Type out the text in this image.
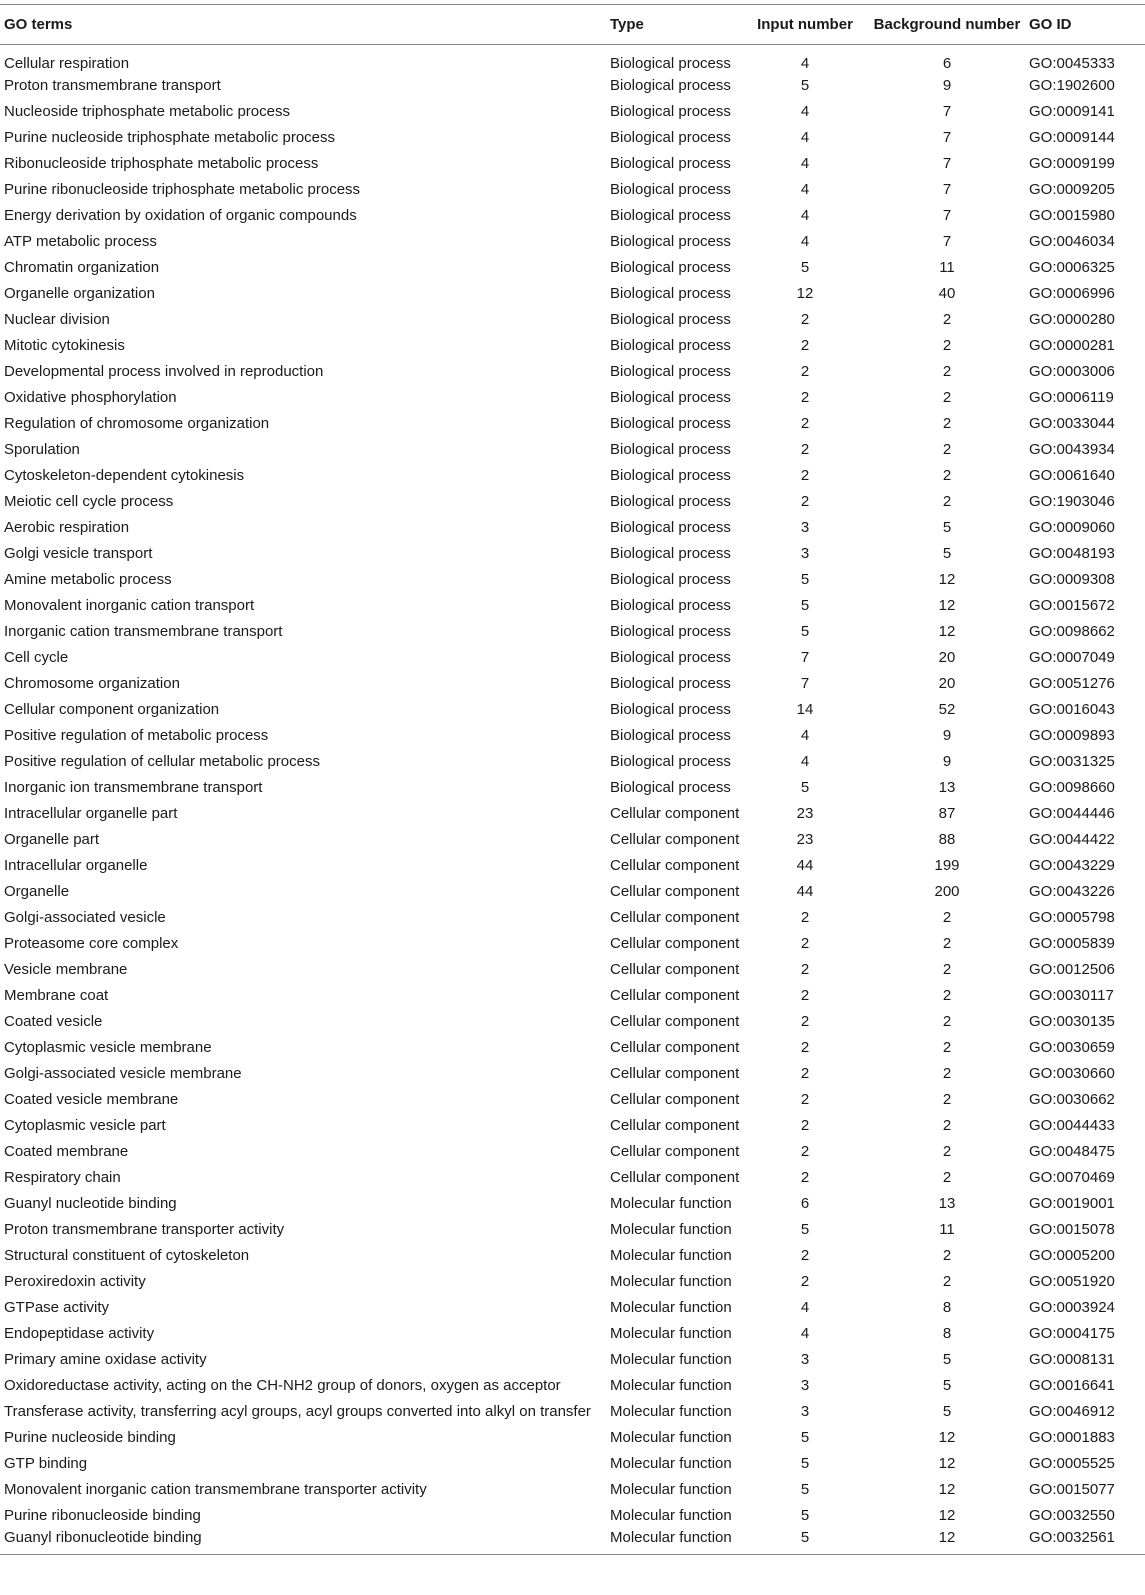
GO terms	Type	Input number	Background number	GO ID
Cellular respiration	Biological process	4	6	GO:0045333
Proton transmembrane transport	Biological process	5	9	GO:1902600
Nucleoside triphosphate metabolic process	Biological process	4	7	GO:0009141
Purine nucleoside triphosphate metabolic process	Biological process	4	7	GO:0009144
Ribonucleoside triphosphate metabolic process	Biological process	4	7	GO:0009199
Purine ribonucleoside triphosphate metabolic process	Biological process	4	7	GO:0009205
Energy derivation by oxidation of organic compounds	Biological process	4	7	GO:0015980
ATP metabolic process	Biological process	4	7	GO:0046034
Chromatin organization	Biological process	5	11	GO:0006325
Organelle organization	Biological process	12	40	GO:0006996
Nuclear division	Biological process	2	2	GO:0000280
Mitotic cytokinesis	Biological process	2	2	GO:0000281
Developmental process involved in reproduction	Biological process	2	2	GO:0003006
Oxidative phosphorylation	Biological process	2	2	GO:0006119
Regulation of chromosome organization	Biological process	2	2	GO:0033044
Sporulation	Biological process	2	2	GO:0043934
Cytoskeleton-dependent cytokinesis	Biological process	2	2	GO:0061640
Meiotic cell cycle process	Biological process	2	2	GO:1903046
Aerobic respiration	Biological process	3	5	GO:0009060
Golgi vesicle transport	Biological process	3	5	GO:0048193
Amine metabolic process	Biological process	5	12	GO:0009308
Monovalent inorganic cation transport	Biological process	5	12	GO:0015672
Inorganic cation transmembrane transport	Biological process	5	12	GO:0098662
Cell cycle	Biological process	7	20	GO:0007049
Chromosome organization	Biological process	7	20	GO:0051276
Cellular component organization	Biological process	14	52	GO:0016043
Positive regulation of metabolic process	Biological process	4	9	GO:0009893
Positive regulation of cellular metabolic process	Biological process	4	9	GO:0031325
Inorganic ion transmembrane transport	Biological process	5	13	GO:0098660
Intracellular organelle part	Cellular component	23	87	GO:0044446
Organelle part	Cellular component	23	88	GO:0044422
Intracellular organelle	Cellular component	44	199	GO:0043229
Organelle	Cellular component	44	200	GO:0043226
Golgi-associated vesicle	Cellular component	2	2	GO:0005798
Proteasome core complex	Cellular component	2	2	GO:0005839
Vesicle membrane	Cellular component	2	2	GO:0012506
Membrane coat	Cellular component	2	2	GO:0030117
Coated vesicle	Cellular component	2	2	GO:0030135
Cytoplasmic vesicle membrane	Cellular component	2	2	GO:0030659
Golgi-associated vesicle membrane	Cellular component	2	2	GO:0030660
Coated vesicle membrane	Cellular component	2	2	GO:0030662
Cytoplasmic vesicle part	Cellular component	2	2	GO:0044433
Coated membrane	Cellular component	2	2	GO:0048475
Respiratory chain	Cellular component	2	2	GO:0070469
Guanyl nucleotide binding	Molecular function	6	13	GO:0019001
Proton transmembrane transporter activity	Molecular function	5	11	GO:0015078
Structural constituent of cytoskeleton	Molecular function	2	2	GO:0005200
Peroxiredoxin activity	Molecular function	2	2	GO:0051920
GTPase activity	Molecular function	4	8	GO:0003924
Endopeptidase activity	Molecular function	4	8	GO:0004175
Primary amine oxidase activity	Molecular function	3	5	GO:0008131
Oxidoreductase activity, acting on the CH-NH2 group of donors, oxygen as acceptor	Molecular function	3	5	GO:0016641
Transferase activity, transferring acyl groups, acyl groups converted into alkyl on transfer	Molecular function	3	5	GO:0046912
Purine nucleoside binding	Molecular function	5	12	GO:0001883
GTP binding	Molecular function	5	12	GO:0005525
Monovalent inorganic cation transmembrane transporter activity	Molecular function	5	12	GO:0015077
Purine ribonucleoside binding	Molecular function	5	12	GO:0032550
Guanyl ribonucleotide binding	Molecular function	5	12	GO:0032561
